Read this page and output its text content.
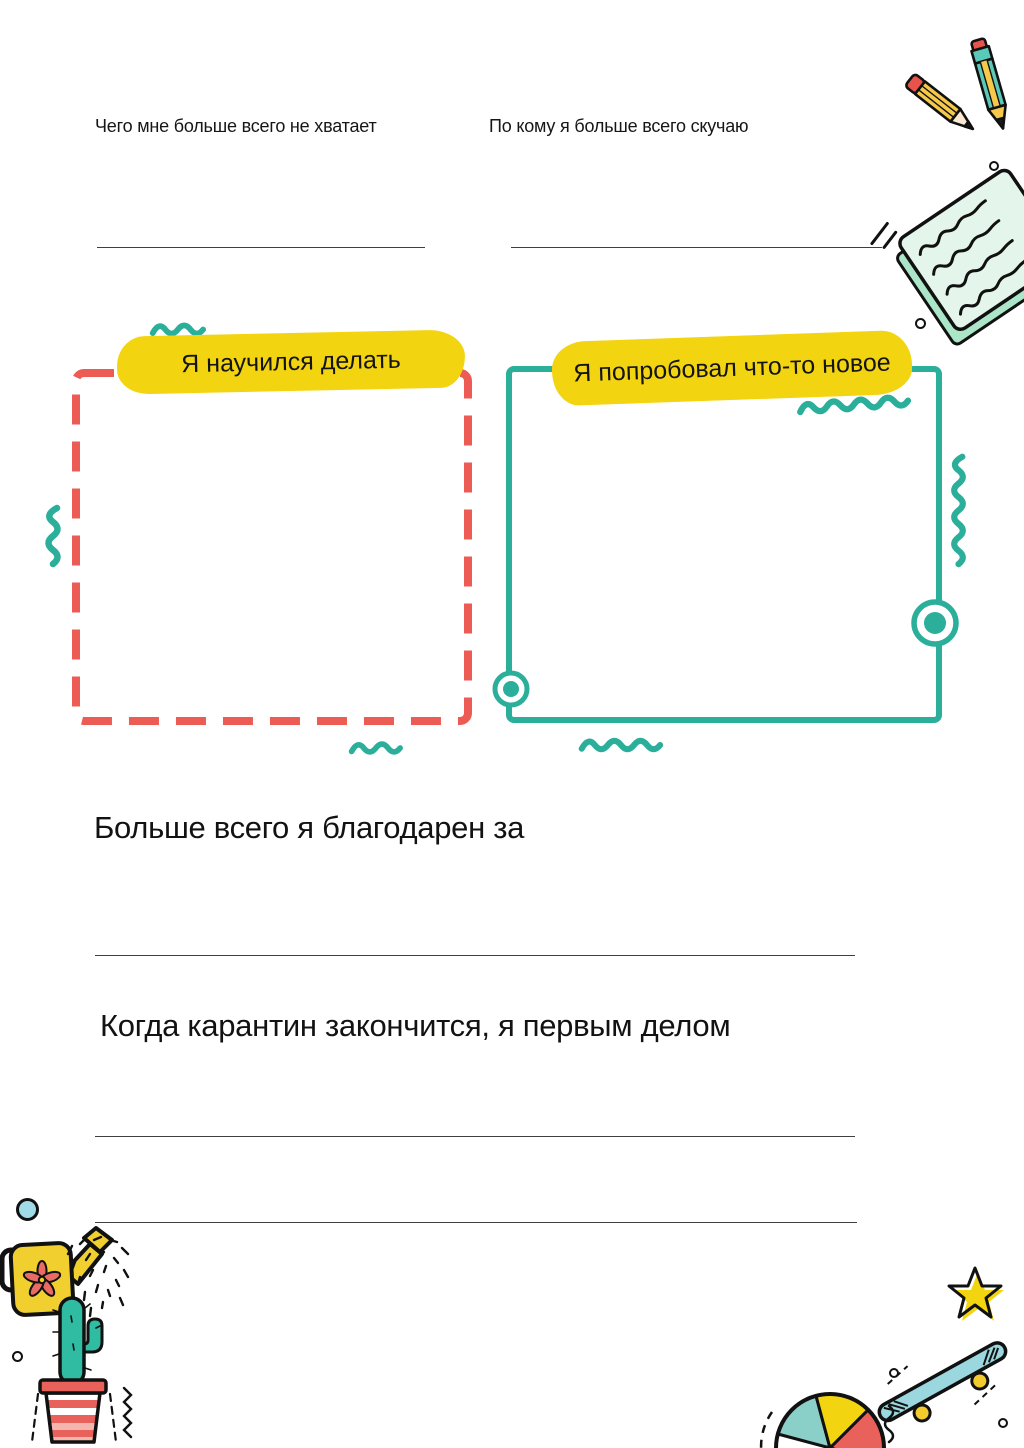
Чего мне больше всего не хватает	По кому я больше всего скучаю
Я научился делать	Я попробовал что-то новое
Больше всего я благодарен за
Когда карантин закончится, я первым делом
